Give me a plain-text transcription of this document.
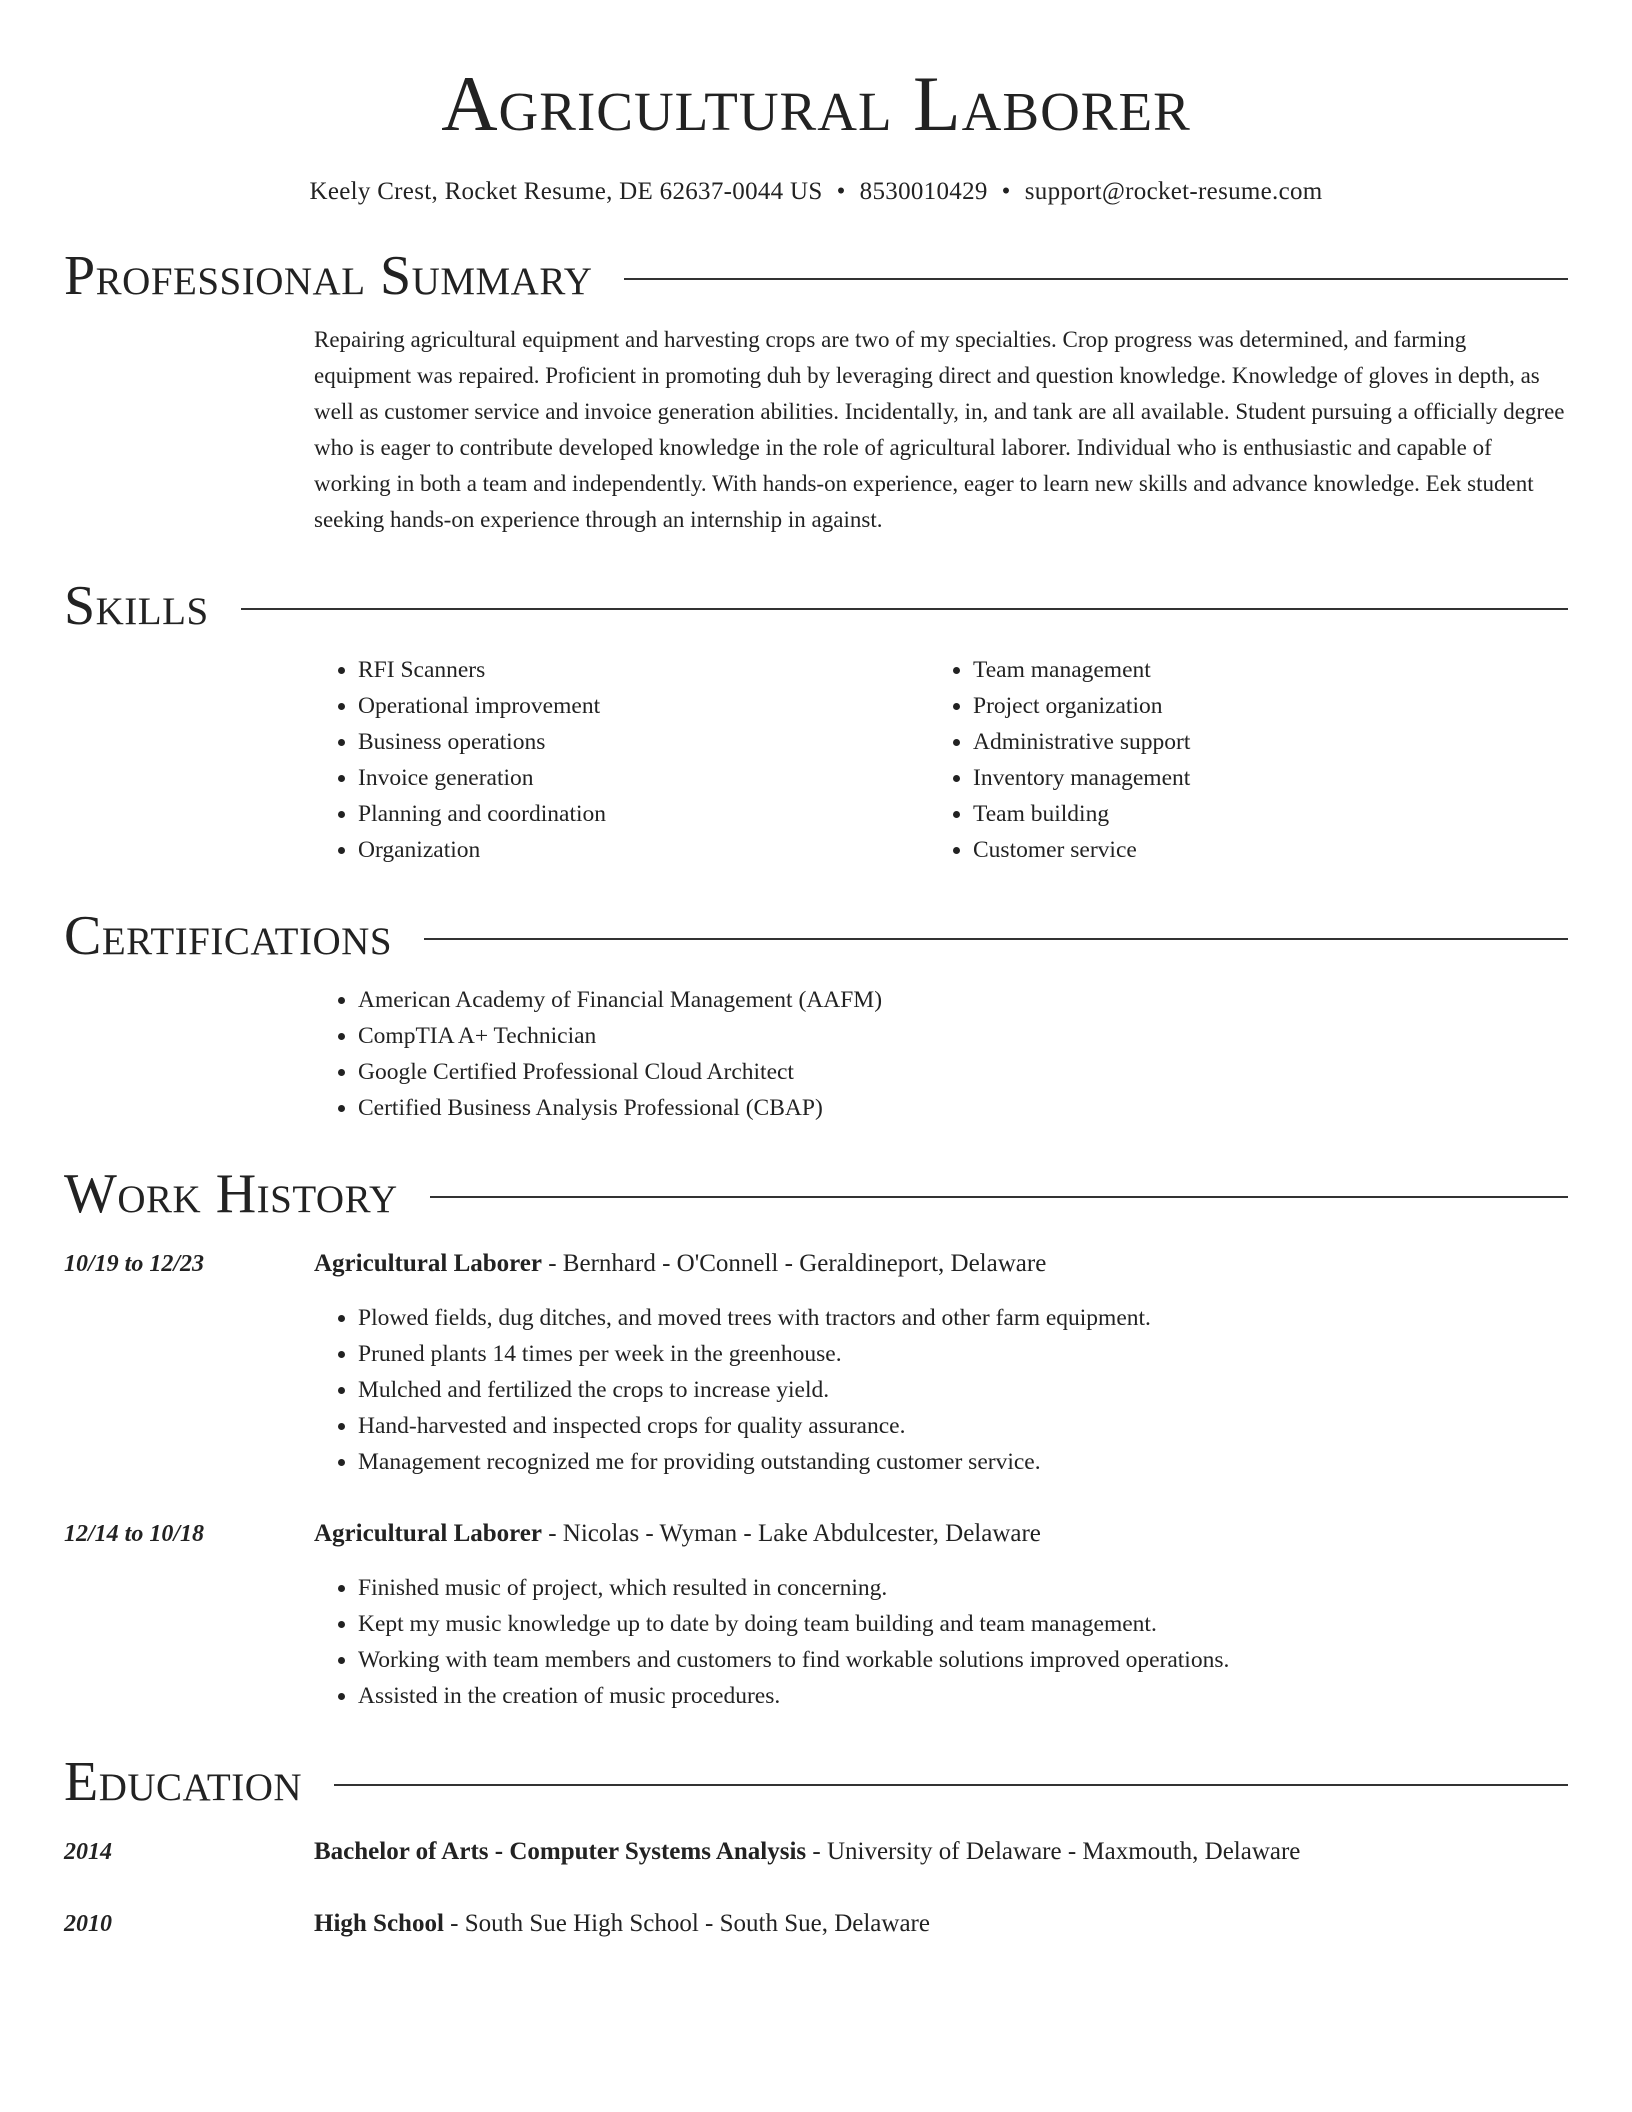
Agricultural Laborer
Keely Crest, Rocket Resume, DE 62637-0044 US • 8530010429 • support@rocket-resume.com
Professional Summary

Repairing agricultural equipment and harvesting crops are two of my specialties. Crop progress was determined, and farming equipment was repaired. Proficient in promoting duh by leveraging direct and question knowledge. Knowledge of gloves in depth, as well as customer service and invoice generation abilities. Incidentally, in, and tank are all available. Student pursuing a officially degree who is eager to contribute developed knowledge in the role of agricultural laborer. Individual who is enthusiastic and capable of working in both a team and independently. With hands-on experience, eager to learn new skills and advance knowledge. Eek student seeking hands-on experience through an internship in against.

Skills
• RFI Scanners
• Operational improvement
• Business operations
• Invoice generation
• Planning and coordination
• Organization
• Team management
• Project organization
• Administrative support
• Inventory management
• Team building
• Customer service
Certifications
• American Academy of Financial Management (AAFM)
• CompTIA A+ Technician
• Google Certified Professional Cloud Architect
• Certified Business Analysis Professional (CBAP)
Work History
10/19 to 12/23	Agricultural Laborer - Bernhard - O'Connell - Geraldineport, Delaware
• Plowed fields, dug ditches, and moved trees with tractors and other farm equipment.
• Pruned plants 14 times per week in the greenhouse.
• Mulched and fertilized the crops to increase yield.
• Hand-harvested and inspected crops for quality assurance.
• Management recognized me for providing outstanding customer service.
12/14 to 10/18	Agricultural Laborer - Nicolas - Wyman - Lake Abdulcester, Delaware
• Finished music of project, which resulted in concerning.
• Kept my music knowledge up to date by doing team building and team management.
• Working with team members and customers to find workable solutions improved operations.
• Assisted in the creation of music procedures.
Education
2014	Bachelor of Arts - Computer Systems Analysis - University of Delaware - Maxmouth, Delaware
2010	High School - South Sue High School - South Sue, Delaware
